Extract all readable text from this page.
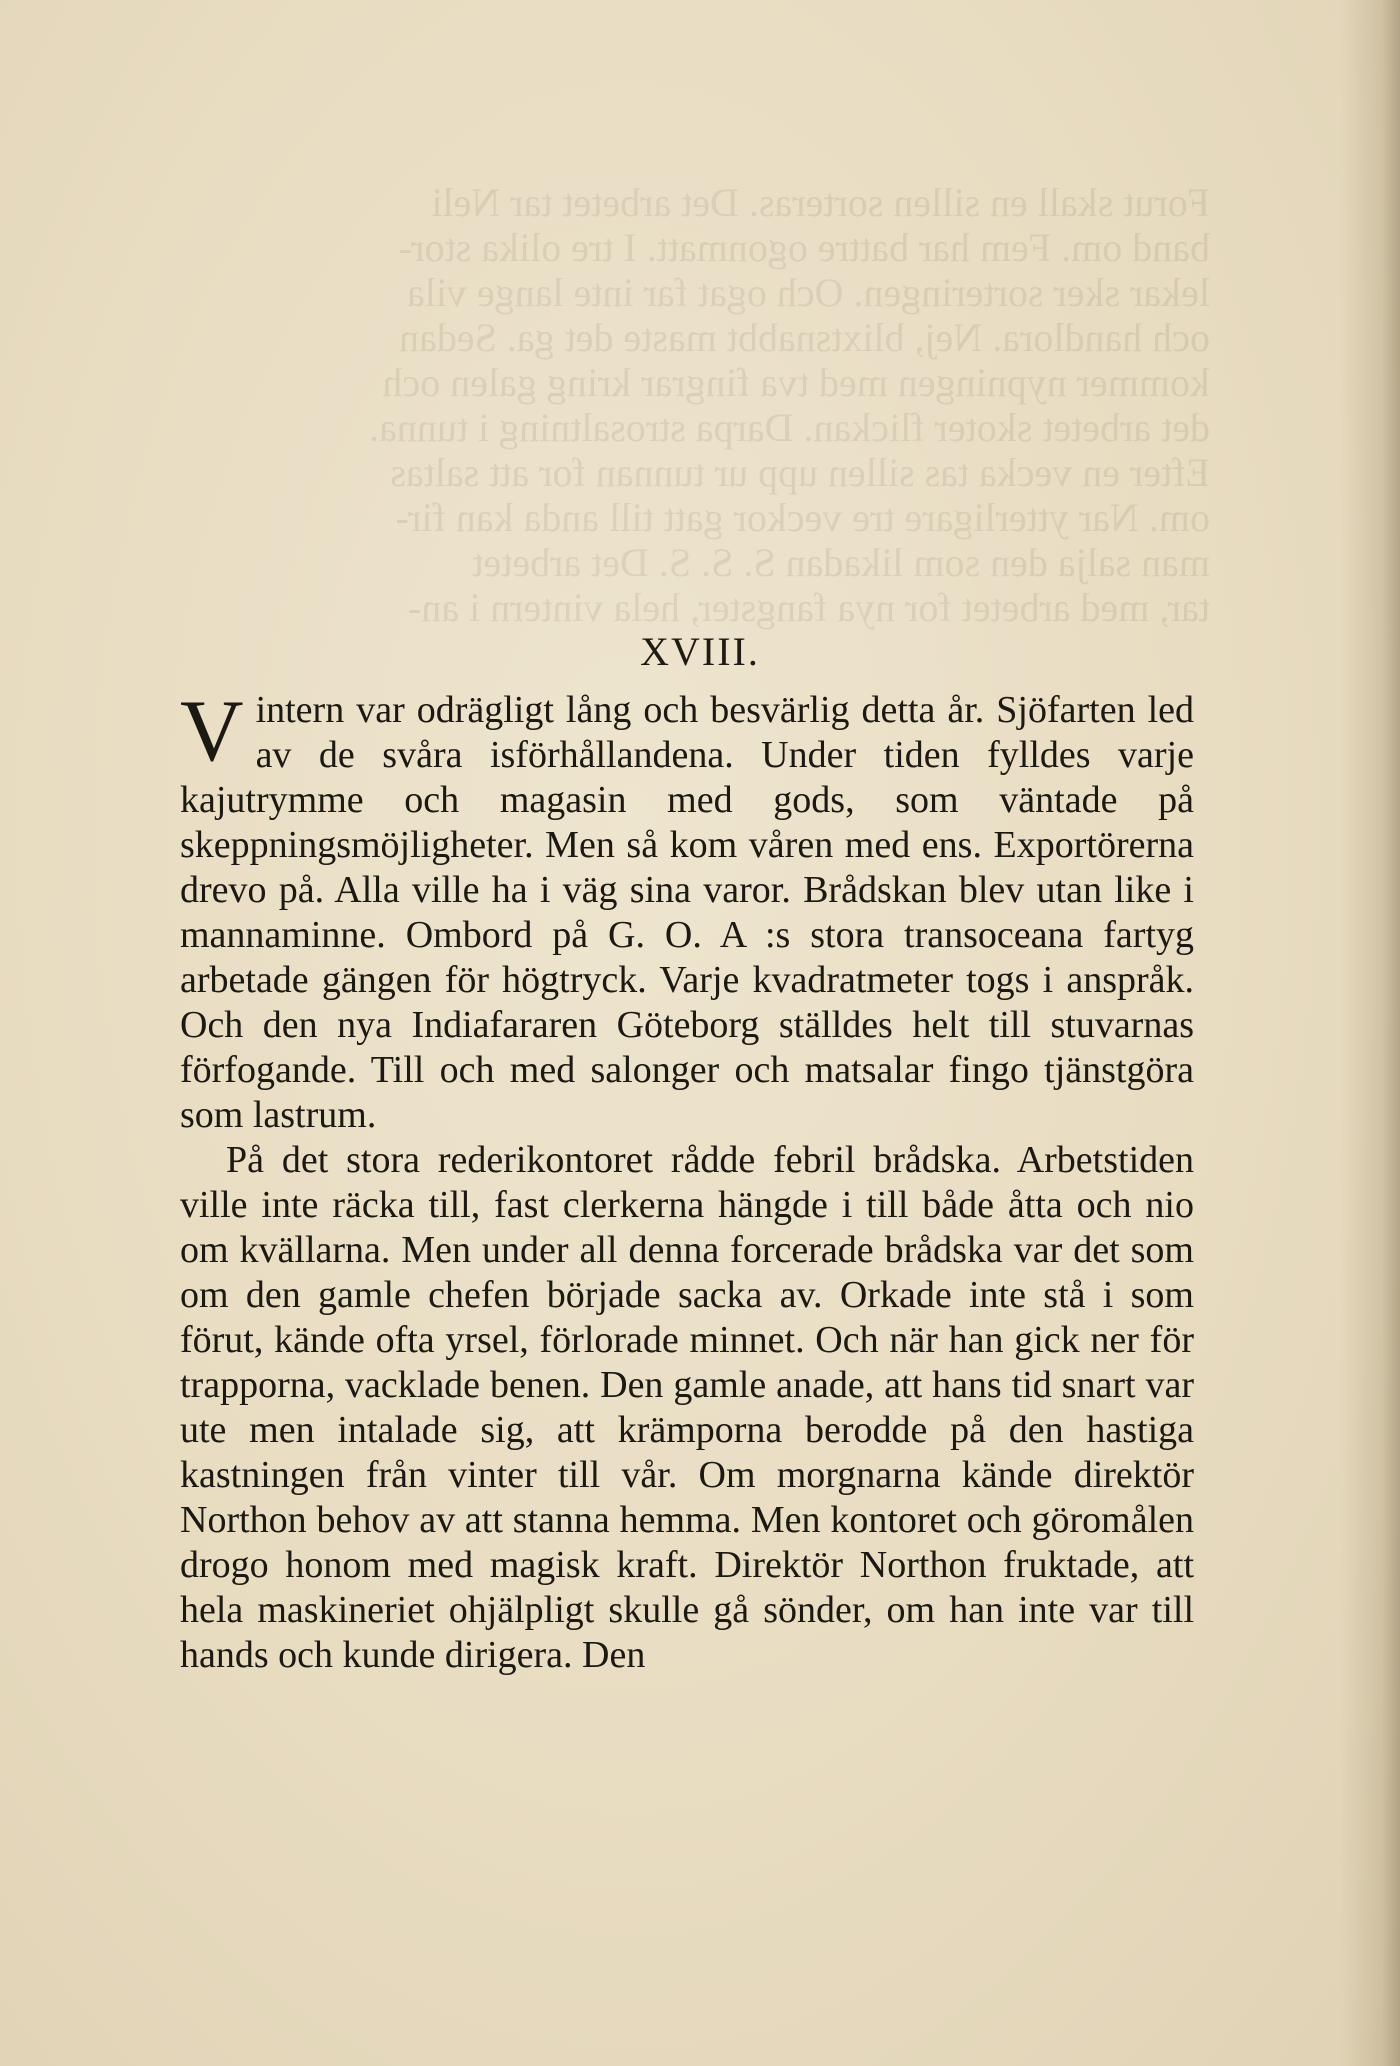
Forut skall en sillen sorteras. Det arbetet tar Neli
band om. Fem har battre ogonmatt. I tre olika stor-
lekar sker sorteringen. Och ogat far inte lange vila
och handlora. Nej, blixtsnabbt maste det ga. Sedan
kommer nypningen med tva fingrar kring galen och
det arbetet skoter flickan. Darpa strosaltning i tunna.
Efter en vecka tas sillen upp ur tunnan for att saltas
om. Nar ytterligare tre veckor gatt till anda kan fir-
man salja den som likadan S. S. S. Det arbetet
tar, med arbetet for nya fangster, hela vintern i an-
XVIII.

Vintern var odrägligt lång och besvärlig detta år. Sjöfarten led av de svåra isförhållandena. Under tiden fylldes varje kajutrymme och magasin med gods, som väntade på skeppningsmöjligheter. Men så kom våren med ens. Exportörerna drevo på. Alla ville ha i väg sina varor. Brådskan blev utan like i mannaminne. Ombord på G. O. A :s stora transoceana fartyg arbetade gängen för högtryck. Varje kvadratmeter togs i anspråk. Och den nya Indiafararen Göteborg ställdes helt till stuvarnas förfogande. Till och med salonger och matsalar fingo tjänstgöra som lastrum.

På det stora rederikontoret rådde febril brådska. Arbetstiden ville inte räcka till, fast clerkerna hängde i till både åtta och nio om kvällarna. Men under all denna forcerade brådska var det som om den gamle chefen började sacka av. Orkade inte stå i som förut, kände ofta yrsel, förlorade minnet. Och när han gick ner för trapporna, vacklade benen. Den gamle anade, att hans tid snart var ute men intalade sig, att krämporna berodde på den hastiga kastningen från vinter till vår. Om morgnarna kände direktör Northon behov av att stanna hemma. Men kontoret och göromålen drogo honom med magisk kraft. Direktör Northon fruktade, att hela maskineriet ohjälpligt skulle gå sönder, om han inte var till hands och kunde dirigera. Den
